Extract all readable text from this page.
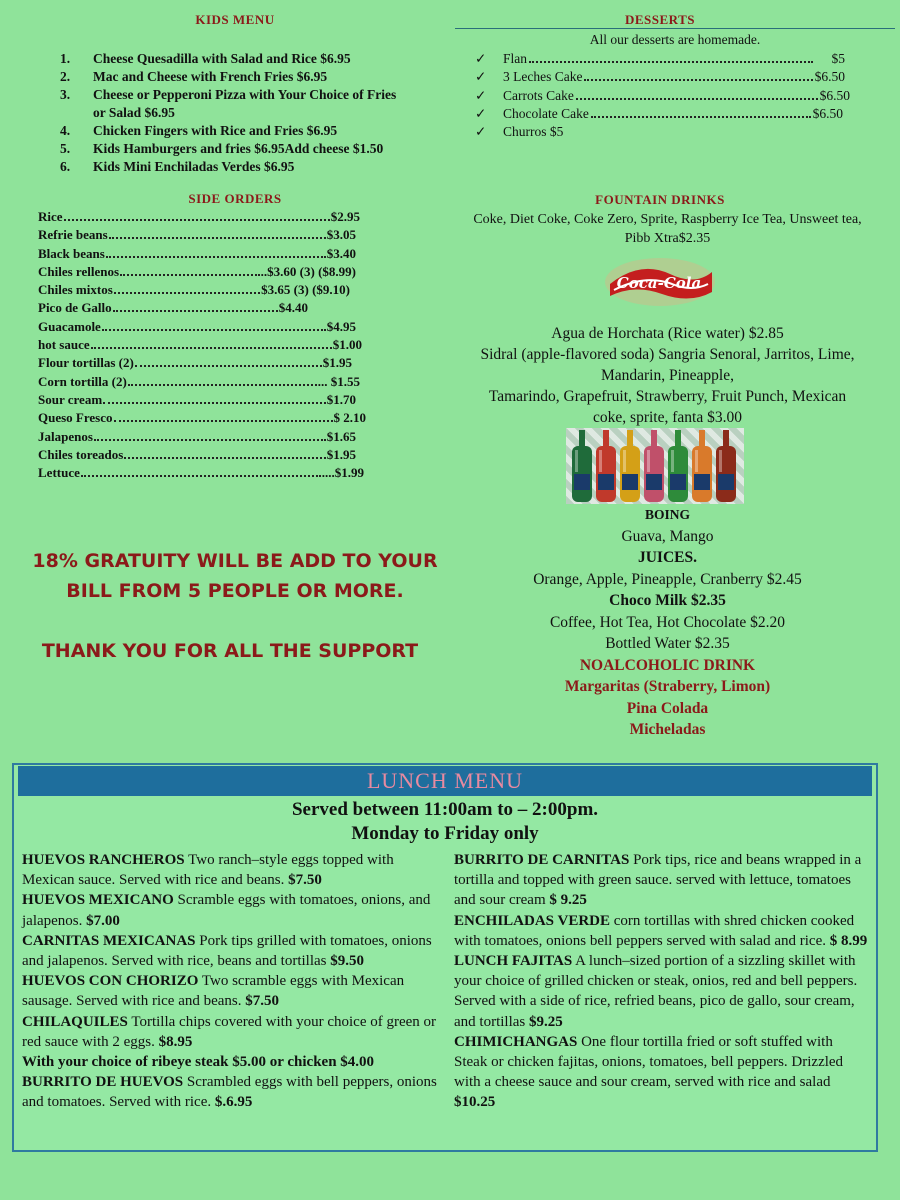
KIDS MENU
1.	Cheese Quesadilla with Salad and Rice $6.95
2.	Mac and Cheese with French Fries $6.95
3.	Cheese or Pepperoni Pizza with Your Choice of Fries or Salad $6.95
4.	Chicken Fingers with Rice and Fries $6.95
5.	Kids Hamburgers and fries $6.95Add cheese $1.50
6.	Kids Mini Enchiladas Verdes $6.95
SIDE ORDERS
Rice	$2.95
Refrie beans	$3.05
Black beans	$3.40
Chiles rellenos	..$3.60 (3) ($8.99)
Chiles mixtos	$3.65 (3) ($9.10)
Pico de Gallo	$4.40
Guacamole	$4.95
hot sauce	$1.00
Flour tortillas (2)	$1.95
Corn tortilla (2)	... $1.55
Sour cream	$1.70
Queso Fresco	$ 2.10
Jalapenos	$1.65
Chiles toreados	$1.95
Lettuce	....$1.99
18% GRATUITY WILL BE ADD TO YOUR
BILL FROM 5 PEOPLE OR MORE.
THANK YOU FOR ALL THE SUPPORT
DESSERTS
All our desserts are homemade.
✓	Flan	$5
✓	3 Leches Cake	$6.50
✓	Carrots Cake	$6.50
✓	Chocolate Cake	$6.50
✓	Churros $5
FOUNTAIN DRINKS
Coke, Diet Coke, Coke Zero, Sprite, Raspberry Ice Tea, Unsweet tea,
Pibb Xtra$2.35
Coca-Cola
Agua de Horchata (Rice water) $2.85
Sidral (apple-flavored soda) Sangria Senoral, Jarritos, Lime,
Mandarin, Pineapple,
Tamarindo, Grapefruit, Strawberry, Fruit Punch, Mexican
coke, sprite, fanta $3.00
BOING
Guava, Mango
JUICES.
Orange, Apple, Pineapple, Cranberry $2.45
Choco Milk $2.35
Coffee, Hot Tea, Hot Chocolate $2.20
Bottled Water $2.35
NOALCOHOLIC DRINK
Margaritas (Straberry, Limon)
Pina Colada
Micheladas
LUNCH MENU
Served between 11:00am to – 2:00pm.
Monday to Friday only
HUEVOS RANCHEROS Two ranch–style eggs topped with Mexican sauce. Served with rice and beans. $7.50
HUEVOS MEXICANO Scramble eggs with tomatoes, onions, and jalapenos. $7.00
CARNITAS MEXICANAS Pork tips grilled with tomatoes, onions and jalapenos. Served with rice, beans and tortillas $9.50
HUEVOS CON CHORIZO Two scramble eggs with Mexican sausage. Served with rice and beans. $7.50
CHILAQUILES Tortilla chips covered with your choice of green or red sauce with 2 eggs. $8.95
With your choice of ribeye steak $5.00 or chicken $4.00
BURRITO DE HUEVOS Scrambled eggs with bell peppers, onions and tomatoes. Served with rice. $.6.95
BURRITO DE CARNITAS Pork tips, rice and beans wrapped in a tortilla and topped with green sauce. served with lettuce, tomatoes and sour cream $ 9.25
ENCHILADAS VERDE corn tortillas with shred chicken cooked with tomatoes, onions bell peppers served with salad and rice. $ 8.99
LUNCH FAJITAS A lunch–sized portion of a sizzling skillet with your choice of grilled chicken or steak, onios, red and bell peppers. Served with a side of rice, refried beans, pico de gallo, sour cream, and tortillas $9.25
CHIMICHANGAS One flour tortilla fried or soft stuffed with Steak or chicken fajitas, onions, tomatoes, bell peppers. Drizzled with a cheese sauce and sour cream, served with rice and salad $10.25
